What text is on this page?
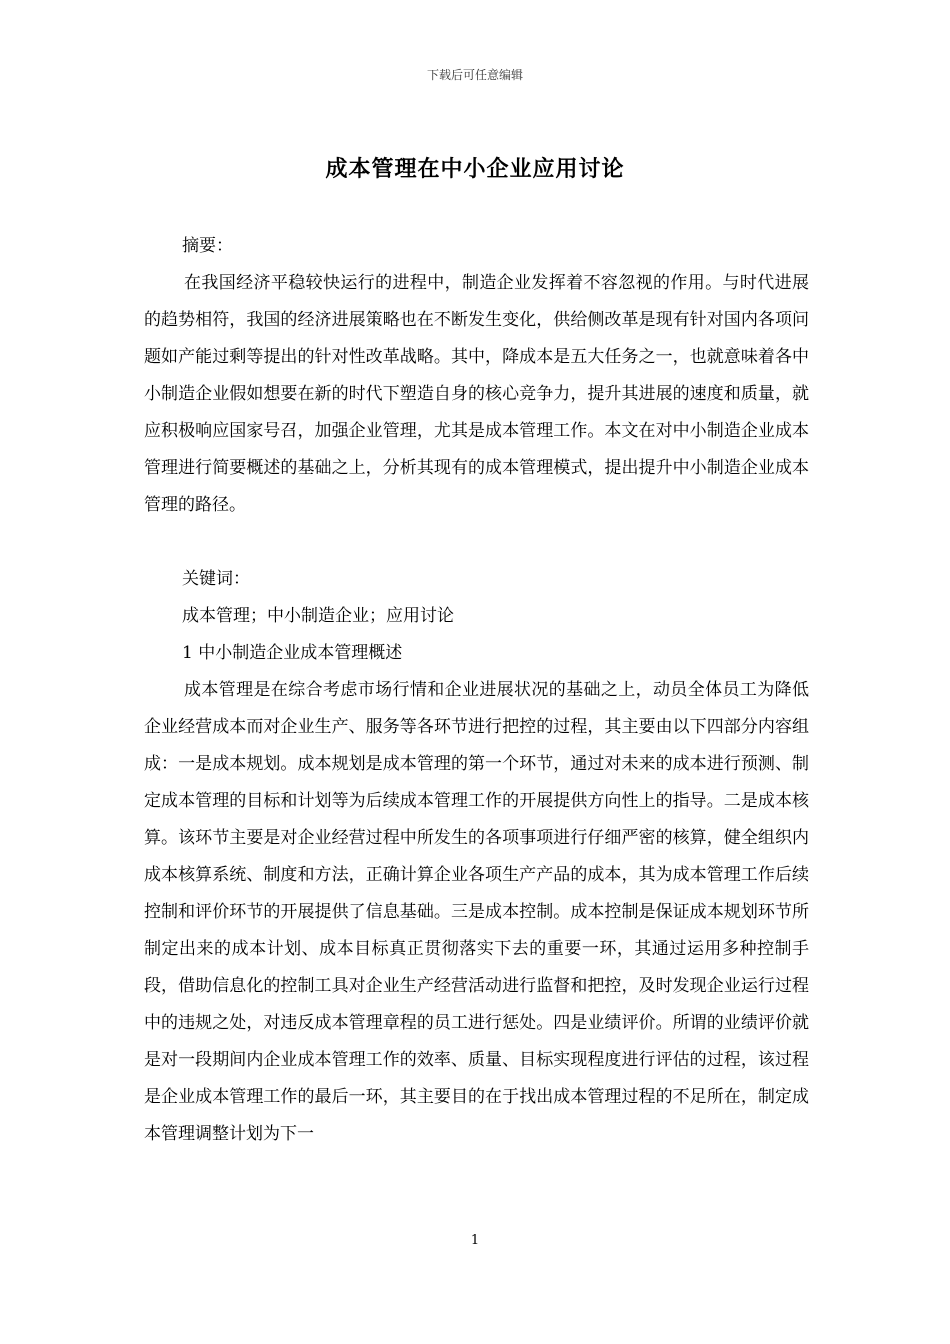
下载后可任意编辑
成本管理在中小企业应用讨论

摘要：

在我国经济平稳较快运行的进程中，制造企业发挥着不容忽视的作用。与时代进展的趋势相符，我国的经济进展策略也在不断发生变化，供给侧改革是现有针对国内各项问题如产能过剩等提出的针对性改革战略。其中，降成本是五大任务之一，也就意味着各中小制造企业假如想要在新的时代下塑造自身的核心竞争力，提升其进展的速度和质量，就应积极响应国家号召，加强企业管理，尤其是成本管理工作。本文在对中小制造企业成本管理进行简要概述的基础之上，分析其现有的成本管理模式，提出提升中小制造企业成本管理的路径。

关键词：

成本管理；中小制造企业；应用讨论

1 中小制造企业成本管理概述

成本管理是在综合考虑市场行情和企业进展状况的基础之上，动员全体员工为降低企业经营成本而对企业生产、服务等各环节进行把控的过程，其主要由以下四部分内容组成：一是成本规划。成本规划是成本管理的第一个环节，通过对未来的成本进行预测、制定成本管理的目标和计划等为后续成本管理工作的开展提供方向性上的指导。二是成本核算。该环节主要是对企业经营过程中所发生的各项事项进行仔细严密的核算，健全组织内成本核算系统、制度和方法，正确计算企业各项生产产品的成本，其为成本管理工作后续控制和评价环节的开展提供了信息基础。三是成本控制。成本控制是保证成本规划环节所制定出来的成本计划、成本目标真正贯彻落实下去的重要一环，其通过运用多种控制手段，借助信息化的控制工具对企业生产经营活动进行监督和把控，及时发现企业运行过程中的违规之处，对违反成本管理章程的员工进行惩处。四是业绩评价。所谓的业绩评价就是对一段期间内企业成本管理工作的效率、质量、目标实现程度进行评估的过程，该过程是企业成本管理工作的最后一环，其主要目的在于找出成本管理过程的不足所在，制定成本管理调整计划为下一

1
